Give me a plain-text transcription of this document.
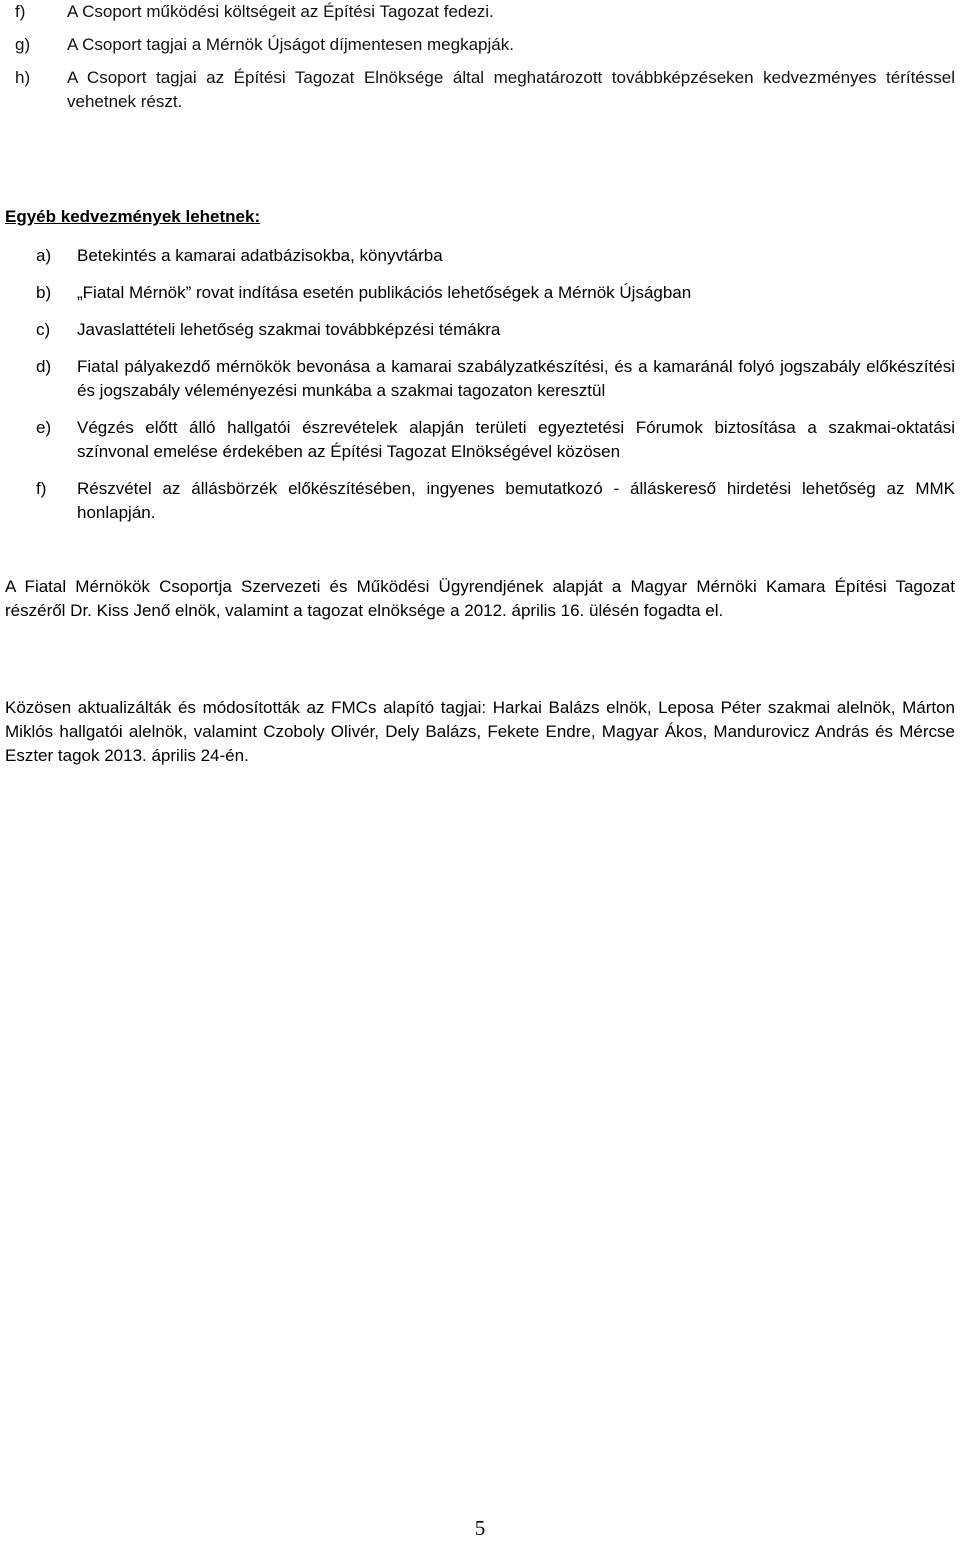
f) A Csoport működési költségeit az Építési Tagozat fedezi.
g) A Csoport tagjai a Mérnök Újságot díjmentesen megkapják.
h) A Csoport tagjai az Építési Tagozat Elnöksége által meghatározott továbbképzéseken kedvezményes térítéssel vehetnek részt.
Egyéb kedvezmények lehetnek:
a) Betekintés a kamarai adatbázisokba, könyvtárba
b) „Fiatal Mérnök” rovat indítása esetén publikációs lehetőségek a Mérnök Újságban
c) Javaslattételi lehetőség szakmai továbbképzési témákra
d) Fiatal pályakezdő mérnökök bevonása a kamarai szabályzatkészítési, és a kamaránál folyó jogszabály előkészítési és jogszabály véleményezési munkába a szakmai tagozaton keresztül
e) Végzés előtt álló hallgatói észrevételek alapján területi egyeztetési Fórumok biztosítása a szakmai-oktatási színvonal emelése érdekében az Építési Tagozat Elnökségével közösen
f) Részvétel az állásbörzék előkészítésében, ingyenes bemutatkozó - álláskereső hirdetési lehetőség az MMK honlapján.

A Fiatal Mérnökök Csoportja Szervezeti és Működési Ügyrendjének alapját a Magyar Mérnöki Kamara Építési Tagozat részéről Dr. Kiss Jenő elnök, valamint a tagozat elnöksége a 2012. április 16. ülésén fogadta el.

Közösen aktualizálták és módosították az FMCs alapító tagjai: Harkai Balázs elnök, Leposa Péter szakmai alelnök, Márton Miklós hallgatói alelnök, valamint Czoboly Olivér, Dely Balázs, Fekete Endre, Magyar Ákos, Mandurovicz András és Mércse Eszter tagok 2013. április 24-én.

5
